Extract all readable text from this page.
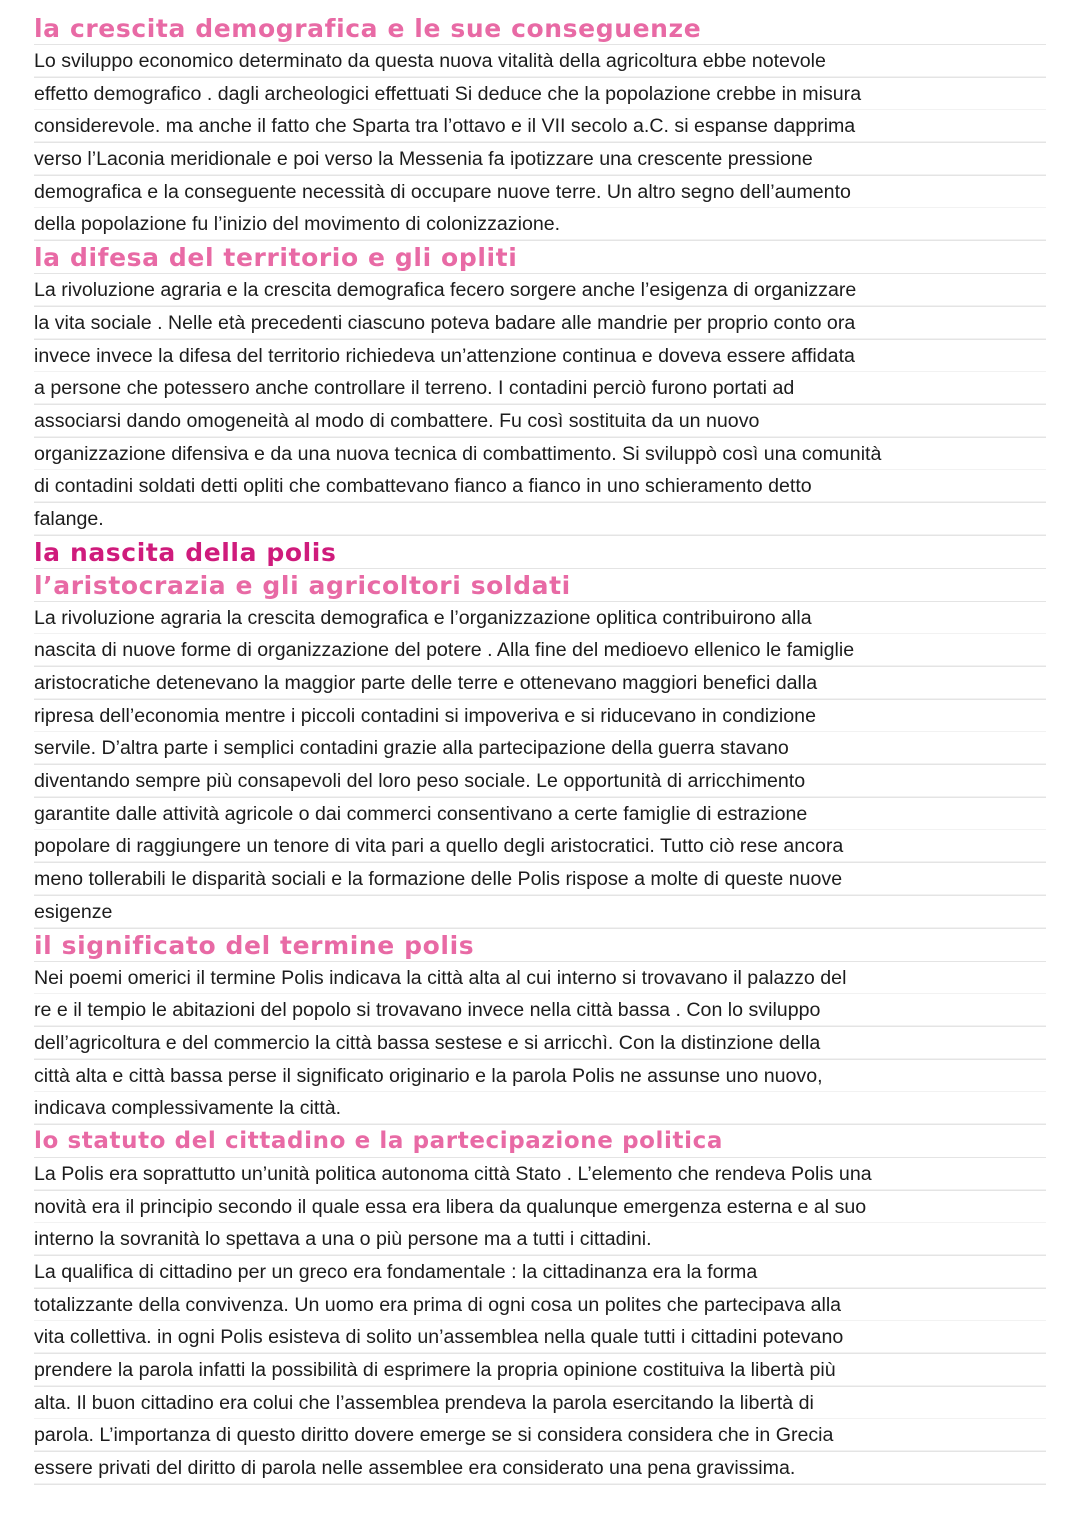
la crescita demografica e le sue conseguenze
Lo sviluppo economico determinato da questa nuova vitalità della agricoltura ebbe notevole
effetto demografico . dagli archeologici effettuati Si deduce che la popolazione crebbe in misura
considerevole. ma anche il fatto che Sparta tra l’ottavo e il VII secolo a.C. si espanse dapprima
verso l’Laconia meridionale e poi verso la Messenia fa ipotizzare una crescente pressione
demografica e la conseguente necessità di occupare nuove terre. Un altro segno dell’aumento
della popolazione fu l’inizio del movimento di colonizzazione.
la difesa del territorio e gli opliti
La rivoluzione agraria e la crescita demografica fecero sorgere anche l’esigenza di organizzare
la vita sociale . Nelle età precedenti ciascuno poteva badare alle mandrie per proprio conto ora
invece invece la difesa del territorio richiedeva un’attenzione continua e doveva essere affidata
a persone che potessero anche controllare il terreno. I contadini perciò furono portati ad
associarsi dando omogeneità al modo di combattere. Fu così sostituita da un nuovo
organizzazione difensiva e da una nuova tecnica di combattimento. Si sviluppò così una comunità
di contadini soldati detti opliti che combattevano fianco a fianco in uno schieramento detto
falange.
la nascita della polis
l’aristocrazia e gli agricoltori soldati
La rivoluzione agraria la crescita demografica e l’organizzazione oplitica contribuirono alla
nascita di nuove forme di organizzazione del potere . Alla fine del medioevo ellenico le famiglie
aristocratiche detenevano la maggior parte delle terre e ottenevano maggiori benefici dalla
ripresa dell’economia mentre i piccoli contadini si impoveriva e si riducevano in condizione
servile. D’altra parte i semplici contadini grazie alla partecipazione della guerra stavano
diventando sempre più consapevoli del loro peso sociale. Le opportunità di arricchimento
garantite dalle attività agricole o dai commerci consentivano a certe famiglie di estrazione
popolare di raggiungere un tenore di vita pari a quello degli aristocratici. Tutto ciò rese ancora
meno tollerabili le disparità sociali e la formazione delle Polis rispose a molte di queste nuove
esigenze
il significato del termine polis
Nei poemi omerici il termine Polis indicava la città alta al cui interno si trovavano il palazzo del
re e il tempio le abitazioni del popolo si trovavano invece nella città bassa . Con lo sviluppo
dell’agricoltura e del commercio la città bassa sestese e si arricchì. Con la distinzione della
città alta e città bassa perse il significato originario e la parola Polis ne assunse uno nuovo,
indicava complessivamente la città.
lo statuto del cittadino e la partecipazione politica
La Polis era soprattutto un’unità politica autonoma città Stato . L’elemento che rendeva Polis una
novità era il principio secondo il quale essa era libera da qualunque emergenza esterna e al suo
interno la sovranità lo spettava a una o più persone ma a tutti i cittadini.
La qualifica di cittadino per un greco era fondamentale : la cittadinanza era la forma
totalizzante della convivenza. Un uomo era prima di ogni cosa un polites che partecipava alla
vita collettiva. in ogni Polis esisteva di solito un’assemblea nella quale tutti i cittadini potevano
prendere la parola infatti la possibilità di esprimere la propria opinione costituiva la libertà più
alta. Il buon cittadino era colui che l’assemblea prendeva la parola esercitando la libertà di
parola. L’importanza di questo diritto dovere emerge se si considera considera che in Grecia
essere privati del diritto di parola nelle assemblee era considerato una pena gravissima.
